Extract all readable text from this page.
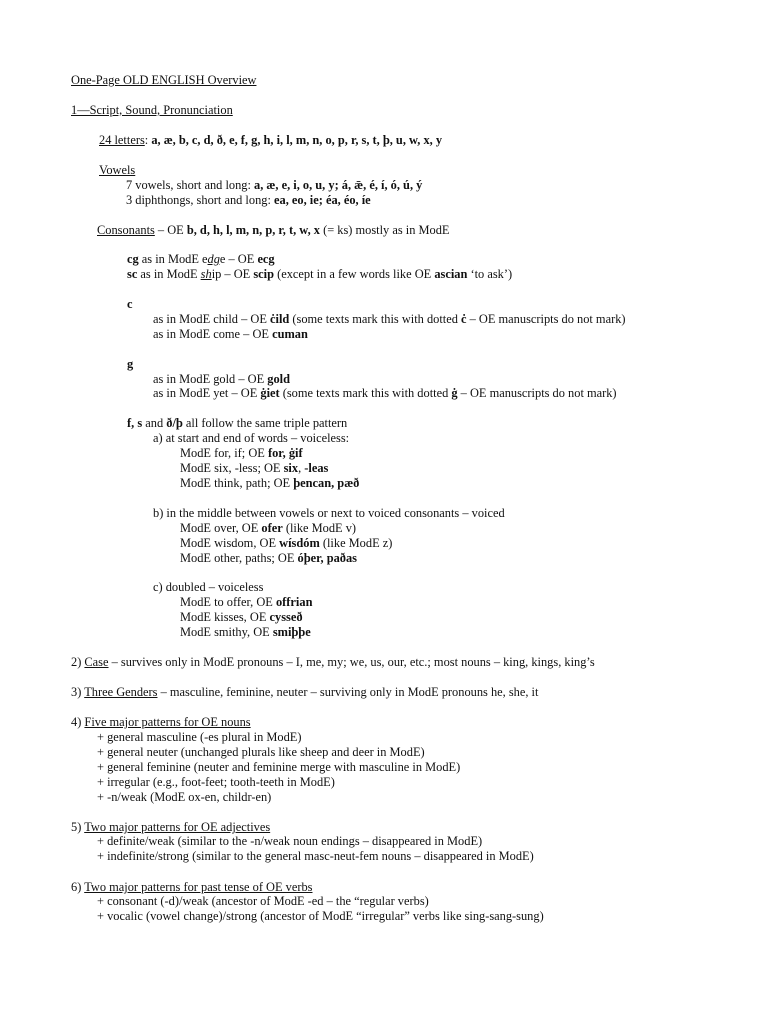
One-Page OLD ENGLISH Overview
1—Script, Sound, Pronunciation
24 letters: a, æ, b, c, d, ð, e, f, g, h, i, l, m, n, o, p, r, s, t, þ, u, w, x, y
Vowels
7 vowels, short and long: a, æ, e, i, o, u, y; á, ǣ, é, í, ó, ú, ý
3 diphthongs, short and long: ea, eo, ie; éa, éo, íe
Consonants – OE b, d, h, l, m, n, p, r, t, w, x (= ks) mostly as in ModE
cg as in ModE edge – OE ecg
sc as in ModE ship – OE scip (except in a few words like OE ascian ‘to ask’)
c
as in ModE child – OE ċild (some texts mark this with dotted ċ – OE manuscripts do not mark)
as in ModE come – OE cuman
g
as in ModE gold – OE gold
as in ModE yet – OE ġiet (some texts mark this with dotted ġ – OE manuscripts do not mark)
f, s and ð/þ all follow the same triple pattern
a) at start and end of words – voiceless:
ModE for, if; OE for, ġif
ModE six, -less; OE six, -leas
ModE think, path; OE þencan, pæð
b) in the middle between vowels or next to voiced consonants – voiced
ModE over, OE ofer (like ModE v)
ModE wisdom, OE wísdóm (like ModE z)
ModE other, paths; OE óþer, paðas
c) doubled – voiceless
ModE to offer, OE offrian
ModE kisses, OE cysseð
ModE smithy, OE smiþþe
2) Case – survives only in ModE pronouns – I, me, my; we, us, our, etc.; most nouns – king, kings, king’s
3) Three Genders – masculine, feminine, neuter – surviving only in ModE pronouns he, she, it
4) Five major patterns for OE nouns
+ general masculine (-es plural in ModE)
+ general neuter (unchanged plurals like sheep and deer in ModE)
+ general feminine (neuter and feminine merge with masculine in ModE)
+ irregular (e.g., foot-feet; tooth-teeth in ModE)
+ -n/weak (ModE ox-en, childr-en)
5) Two major patterns for OE adjectives
+ definite/weak (similar to the -n/weak noun endings – disappeared in ModE)
+ indefinite/strong (similar to the general masc-neut-fem nouns – disappeared in ModE)
6) Two major patterns for past tense of OE verbs
+ consonant (-d)/weak (ancestor of ModE -ed – the “regular verbs)
+ vocalic (vowel change)/strong (ancestor of ModE “irregular” verbs like sing-sang-sung)
